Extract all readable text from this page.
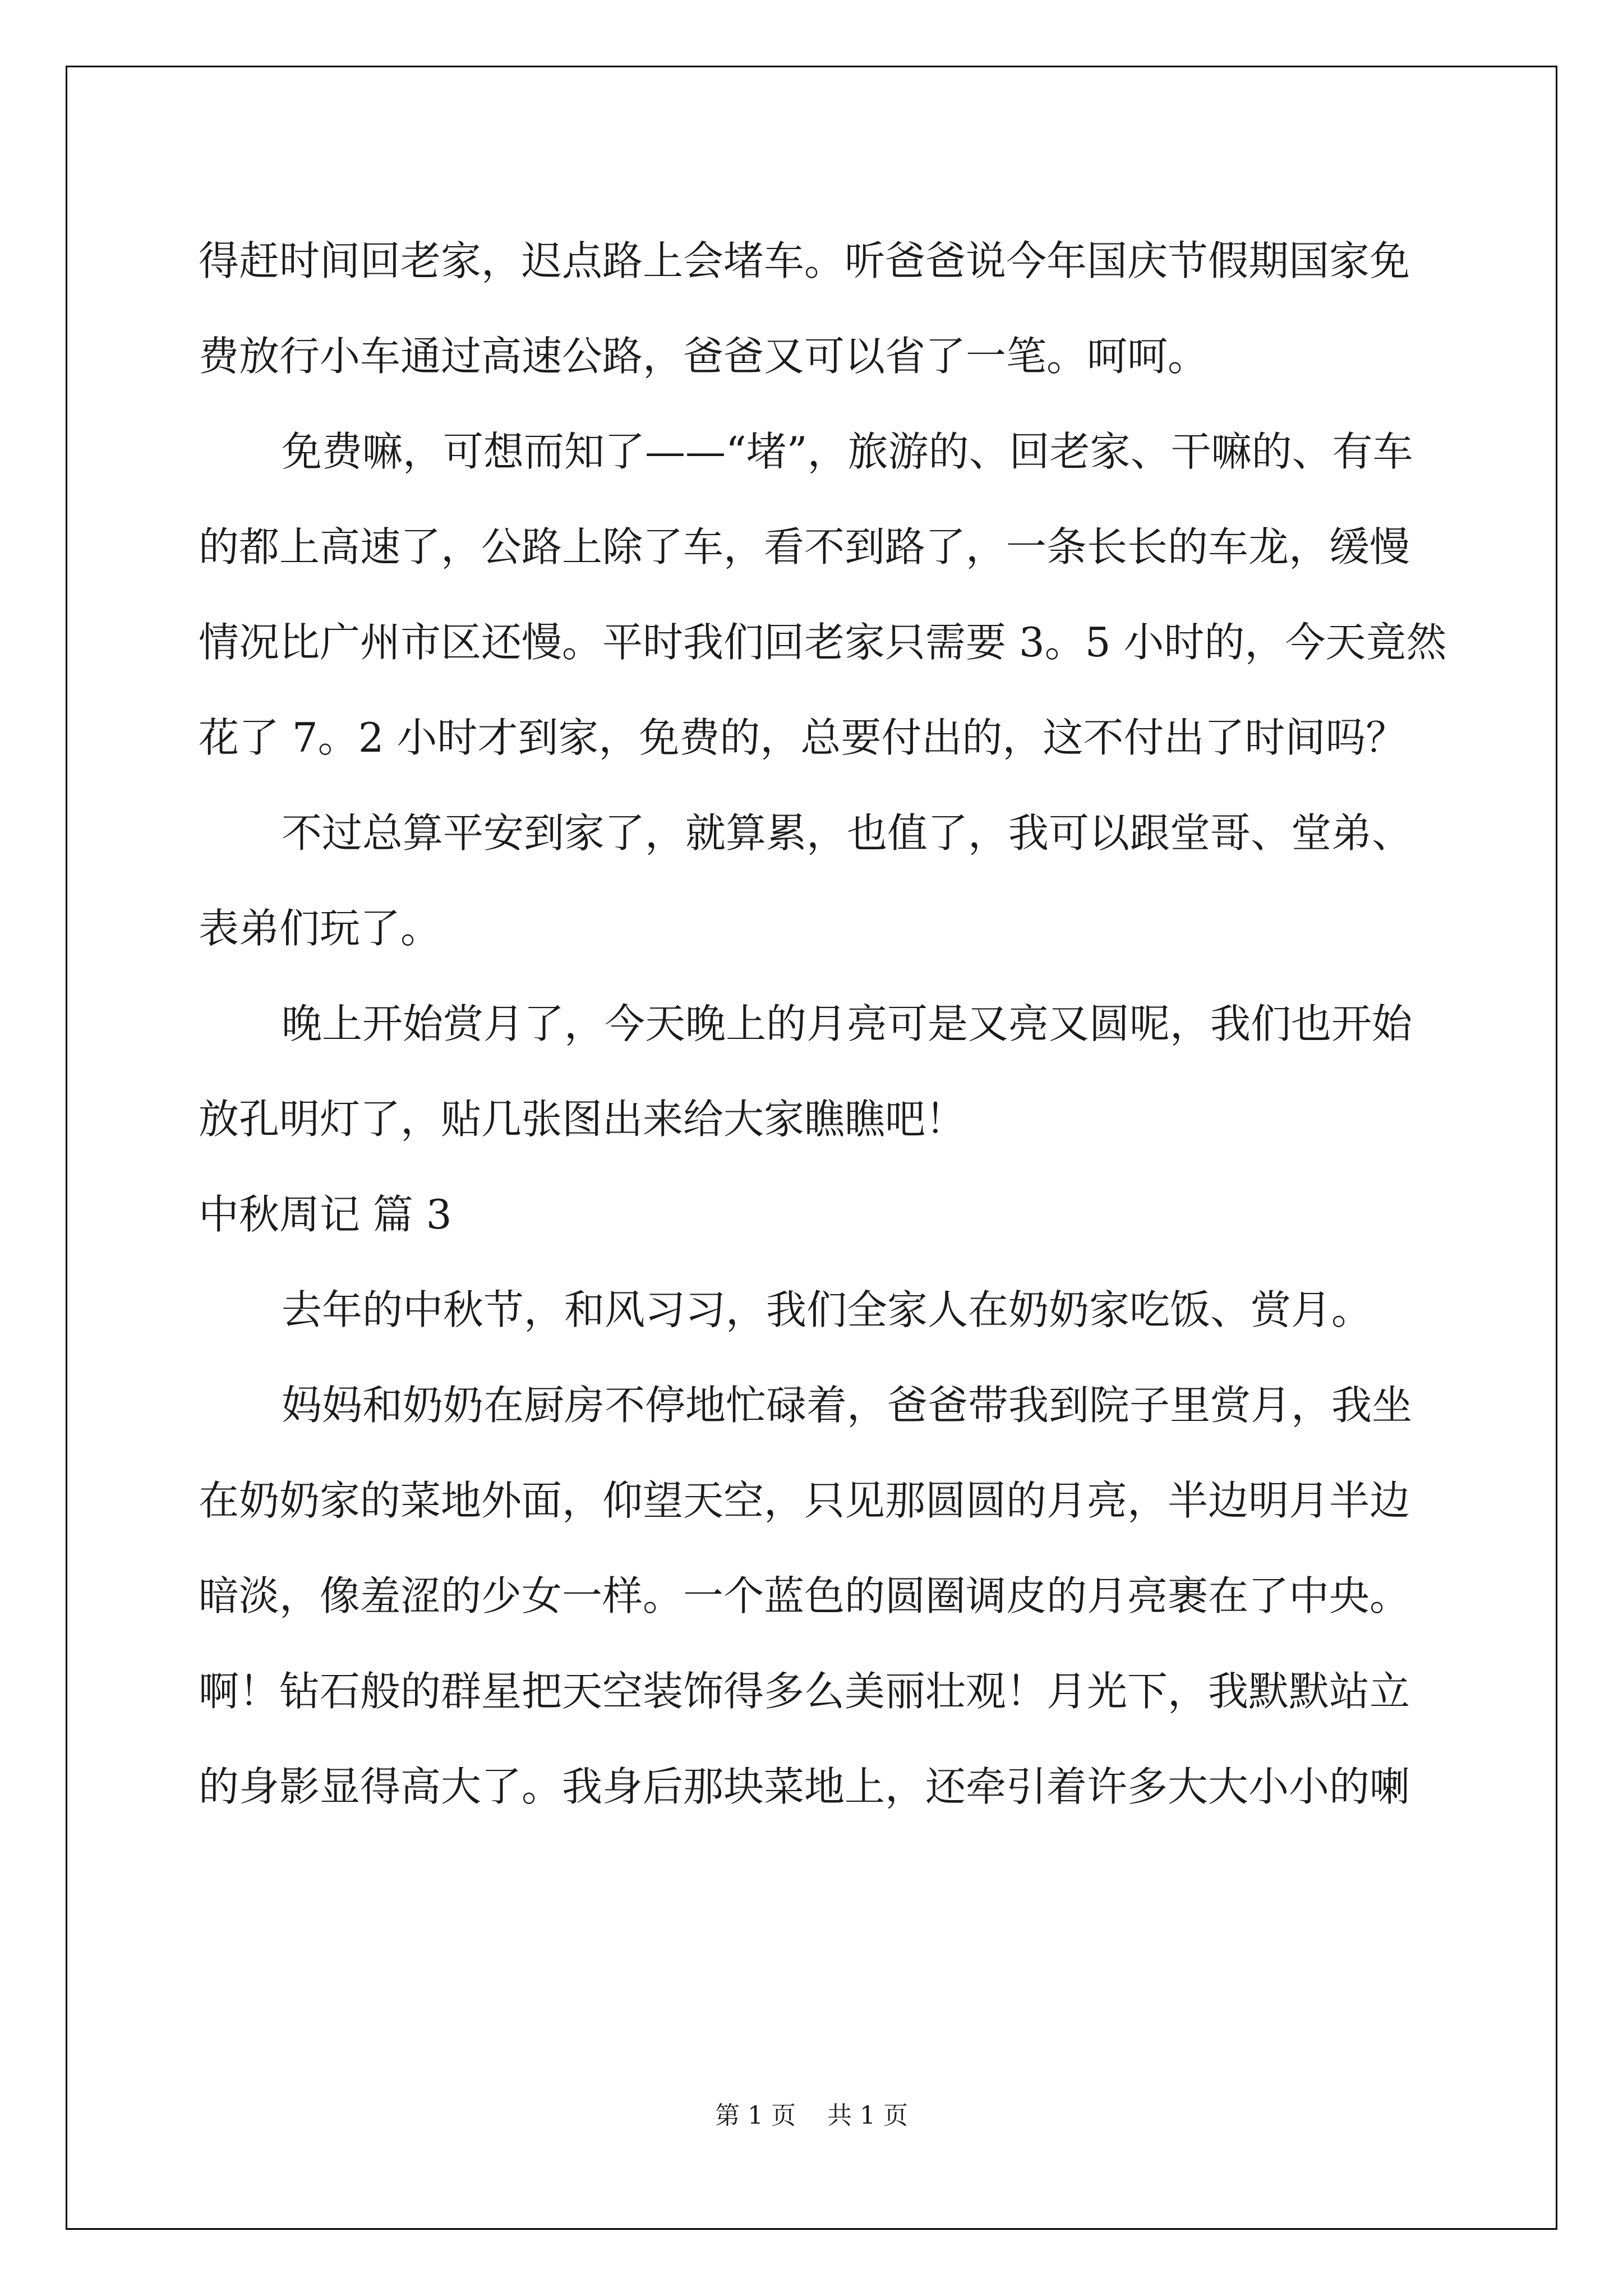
得赶时间回老家，迟点路上会堵车。听爸爸说今年国庆节假期国家免
费放行小车通过高速公路，爸爸又可以省了一笔。呵呵。

免费嘛，可想而知了——“堵”，旅游的、回老家、干嘛的、有车
的都上高速了，公路上除了车，看不到路了，一条长长的车龙，缓慢
情况比广州市区还慢。平时我们回老家只需要 3。5 小时的，今天竟然
花了 7。2 小时才到家，免费的，总要付出的，这不付出了时间吗？

不过总算平安到家了，就算累，也值了，我可以跟堂哥、堂弟、
表弟们玩了。

晚上开始赏月了，今天晚上的月亮可是又亮又圆呢，我们也开始
放孔明灯了，贴几张图出来给大家瞧瞧吧！

中秋周记 篇 3

去年的中秋节，和风习习，我们全家人在奶奶家吃饭、赏月。

妈妈和奶奶在厨房不停地忙碌着，爸爸带我到院子里赏月，我坐
在奶奶家的菜地外面，仰望天空，只见那圆圆的月亮，半边明月半边
暗淡，像羞涩的少女一样。一个蓝色的圆圈调皮的月亮裹在了中央。
啊！钻石般的群星把天空装饰得多么美丽壮观！月光下，我默默站立
的身影显得高大了。我身后那块菜地上，还牵引着许多大大小小的喇

第 1 页 共 1 页
